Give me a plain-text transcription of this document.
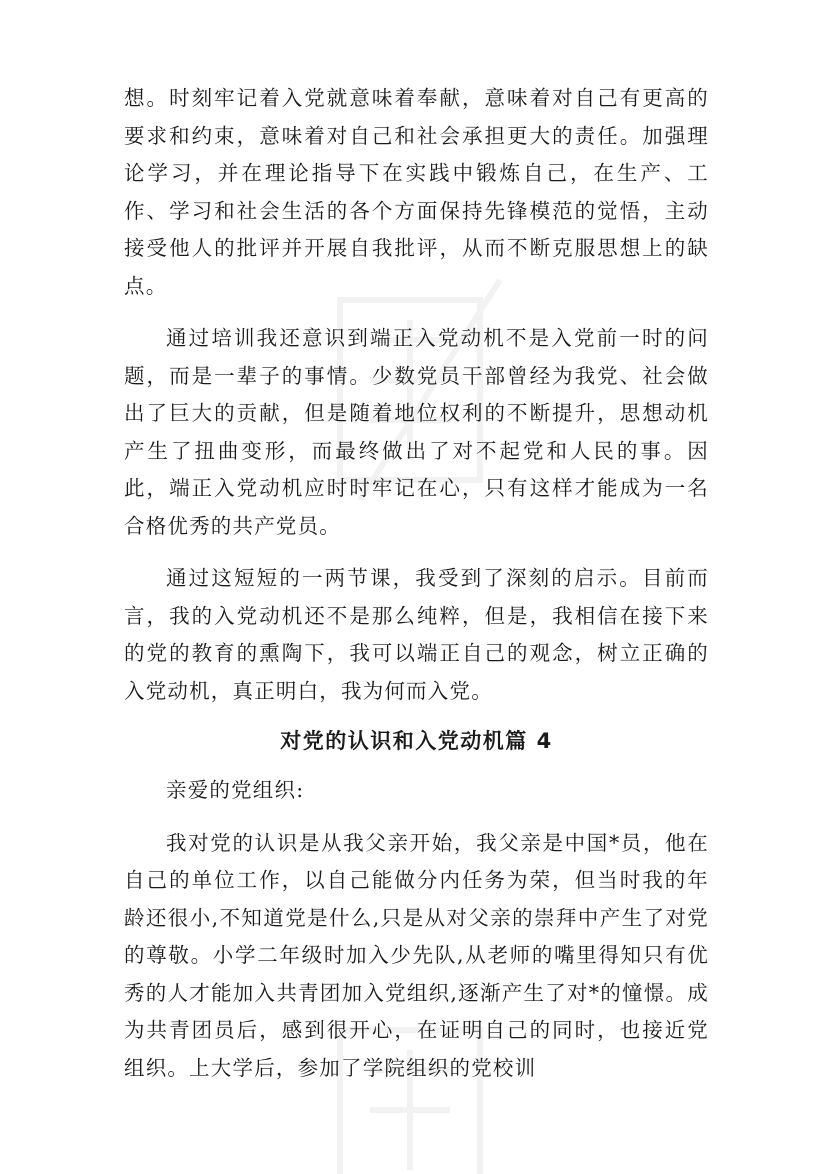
想。时刻牢记着入党就意味着奉献，意味着对自己有更高的要求和约束，意味着对自己和社会承担更大的责任。加强理论学习，并在理论指导下在实践中锻炼自己，在生产、工作、学习和社会生活的各个方面保持先锋模范的觉悟，主动接受他人的批评并开展自我批评，从而不断克服思想上的缺点。

通过培训我还意识到端正入党动机不是入党前一时的问题，而是一辈子的事情。少数党员干部曾经为我党、社会做出了巨大的贡献，但是随着地位权利的不断提升，思想动机产生了扭曲变形，而最终做出了对不起党和人民的事。因此，端正入党动机应时时牢记在心，只有这样才能成为一名合格优秀的共产党员。

通过这短短的一两节课，我受到了深刻的启示。目前而言，我的入党动机还不是那么纯粹，但是，我相信在接下来的党的教育的熏陶下，我可以端正自己的观念，树立正确的入党动机，真正明白，我为何而入党。

对党的认识和入党动机篇 4

亲爱的党组织:

我对党的认识是从我父亲开始，我父亲是中国*员，他在自己的单位工作，以自己能做分内任务为荣，但当时我的年龄还很小,不知道党是什么,只是从对父亲的崇拜中产生了对党的尊敬。小学二年级时加入少先队,从老师的嘴里得知只有优秀的人才能加入共青团加入党组织,逐渐产生了对*的憧憬。成为共青团员后，感到很开心，在证明自己的同时，也接近党组织。上大学后，参加了学院组织的党校训
